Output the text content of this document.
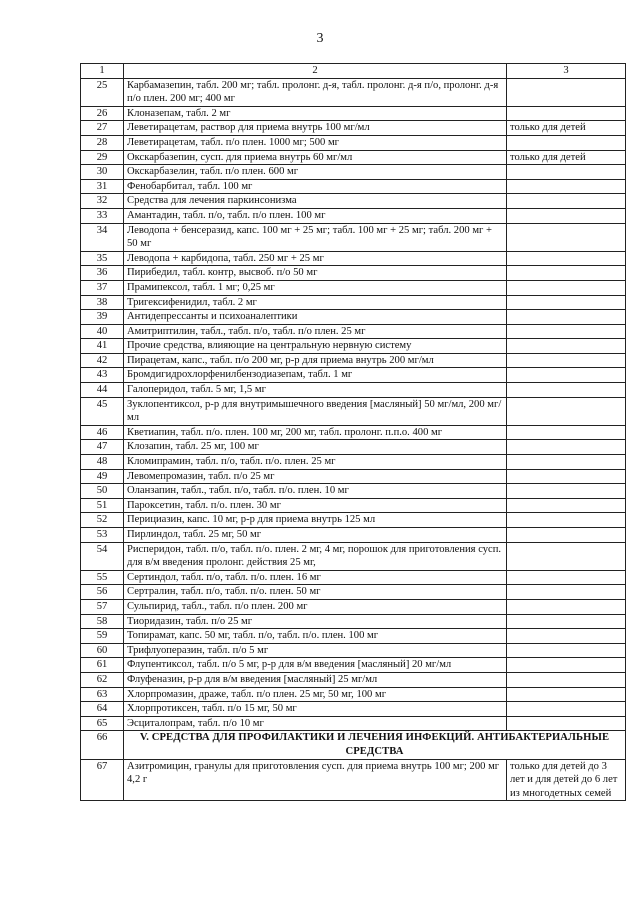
3
1	2	3
25	Карбамазепин, табл. 200 мг; табл. пролонг. д-я, табл. пролонг. д-я п/о, пролонг. д-я п/о плен. 200 мг; 400 мг	
26	Клоназепам, табл. 2 мг	
27	Леветирацетам, раствор для приема внутрь 100 мг/мл	только для детей
28	Леветирацетам, табл. п/о плен. 1000 мг; 500 мг	
29	Окскарбазепин, сусп. для приема внутрь 60 мг/мл	только для детей
30	Окскарбазелин, табл. п/о плен. 600 мг	
31	Фенобарбитал, табл. 100 мг	
32	Средства для лечения паркинсонизма	
33	Амантадин, табл. п/о, табл. п/о плен. 100 мг	
34	Леводопа + бенсеразид, капс. 100 мг + 25 мг; табл. 100 мг + 25 мг; табл. 200 мг + 50 мг	
35	Леводопа + карбидопа, табл. 250 мг + 25 мг	
36	Пирибедил, табл. контр, высвоб. п/о 50 мг	
37	Прамипексол, табл. 1 мг; 0,25 мг	
38	Тригексифенидил, табл. 2 мг	
39	Антидепрессанты и психоаналептики	
40	Амитриптилин, табл., табл. п/о, табл. п/о плен. 25 мг	
41	Прочие средства, влияющие на центральную нервную систему	
42	Пирацетам, капс., табл. п/о 200 мг, р-р для приема внутрь 200 мг/мл	
43	Бромдигидрохлорфенилбензодиазепам, табл. 1 мг	
44	Галоперидол, табл. 5 мг, 1,5 мг	
45	Зуклопентиксол, р-р для внутримышечного введения [масляный] 50 мг/мл, 200 мг/мл	
46	Кветиапин, табл. п/о. плен. 100 мг, 200 мг, табл. пролонг. п.п.о. 400 мг	
47	Клозапин, табл. 25 мг, 100 мг	
48	Кломипрамин, табл. п/о, табл. п/о. плен. 25 мг	
49	Левомепромазин, табл. п/о 25 мг	
50	Оланзапин, табл., табл. п/о, табл. п/о. плен. 10 мг	
51	Пароксетин, табл. п/о. плен. 30 мг	
52	Перициазин, капс. 10 мг, р-р для приема внутрь 125 мл	
53	Пирлиндол, табл. 25 мг, 50 мг	
54	Рисперидон, табл. п/о, табл. п/о. плен. 2 мг, 4 мг, порошок для приготовления сусп. для в/м введения пролонг. действия 25 мг,	
55	Сертиндол, табл. п/о, табл. п/о. плен. 16 мг	
56	Сертралин, табл. п/о, табл. п/о. плен. 50 мг	
57	Сульпирид, табл., табл. п/о плен. 200 мг	
58	Тиоридазин, табл. п/о 25 мг	
59	Топирамат, капс. 50 мг, табл. п/о, табл. п/о. плен. 100 мг	
60	Трифлуоперазин, табл. п/о 5 мг	
61	Флупентиксол, табл. п/о 5 мг, р-р для в/м введения [масляный] 20 мг/мл	
62	Флуфеназин, р-р для в/м введения [масляный] 25 мг/мл	
63	Хлорпромазин, драже, табл. п/о плен. 25 мг, 50 мг, 100 мг	
64	Хлорпротиксен, табл. п/о 15 мг, 50 мг	
65	Эсциталопрам, табл. п/о 10 мг	
66	V. СРЕДСТВА ДЛЯ ПРОФИЛАКТИКИ И ЛЕЧЕНИЯ ИНФЕКЦИЙ. АНТИБАКТЕРИАЛЬНЫЕ СРЕДСТВА	
67	Азитромицин, гранулы для приготовления сусп. для приема внутрь 100 мг; 200 мг 4,2 г	только для детей до 3 лет и для детей до 6 лет из многодетных семей
